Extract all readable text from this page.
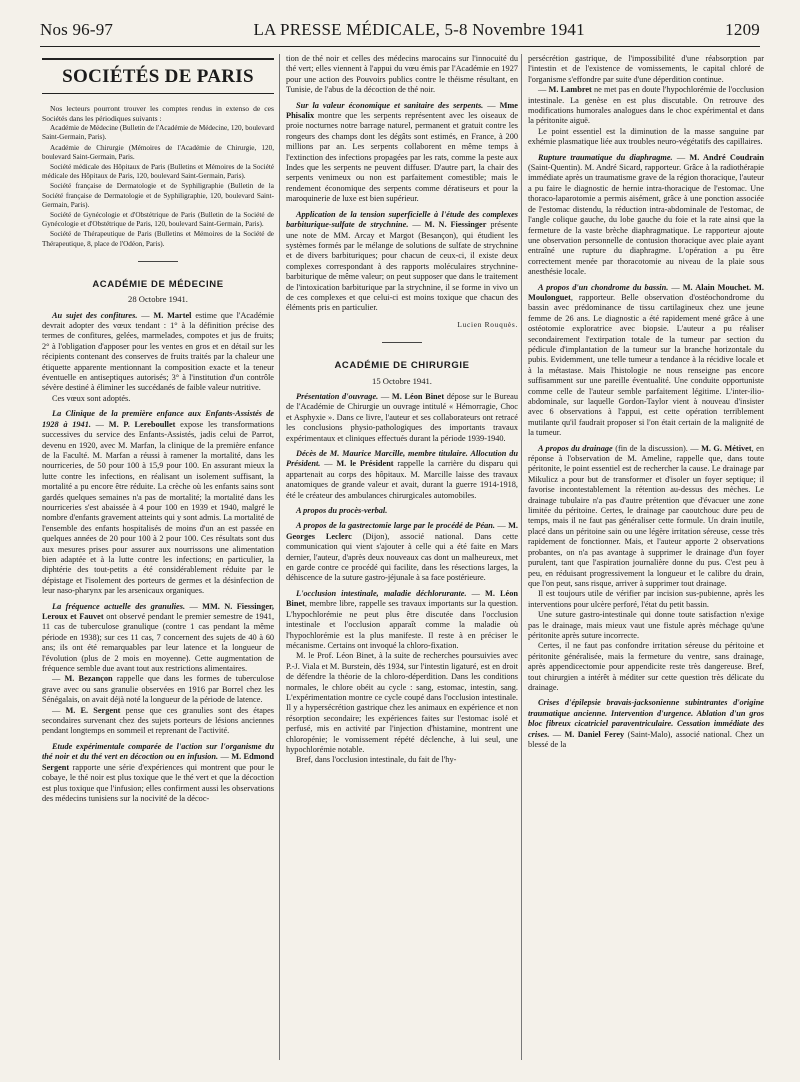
Nos 96-97	LA PRESSE MÉDICALE, 5-8 Novembre 1941	1209
SOCIÉTÉS DE PARIS

Nos lecteurs pourront trouver les comptes rendus in extenso de ces Sociétés dans les périodiques suivants :

Académie de Médecine (Bulletin de l'Académie de Médecine, 120, boulevard Saint-Germain, Paris).

Académie de Chirurgie (Mémoires de l'Académie de Chirurgie, 120, boulevard Saint-Germain, Paris.

Société médicale des Hôpitaux de Paris (Bulletins et Mémoires de la Société médicale des Hôpitaux de Paris, 120, boulevard Saint-Germain, Paris).

Société française de Dermatologie et de Syphiligraphie (Bulletin de la Société française de Dermatologie et de Syphiligraphie, 120, boulevard Saint-Germain, Paris).

Société de Gynécologie et d'Obstétrique de Paris (Bulletin de la Société de Gynécologie et d'Obstétrique de Paris, 120, boulevard Saint-Germain, Paris).

Société de Thérapeutique de Paris (Bulletins et Mémoires de la Société de Thérapeutique, 8, place de l'Odéon, Paris).

ACADÉMIE DE MÉDECINE

28 Octobre 1941.

Au sujet des confitures. — M. Martel estime que l'Académie devrait adopter des vœux tendant : 1° à la définition précise des termes de confitures, gelées, marmelades, compotes et jus de fruits; 2° à l'obligation d'apposer pour les ventes en gros et en détail sur les récipients contenant des conserves de fruits traités par la chaleur une étiquette apparente mentionnant la composition exacte et la teneur éventuelle en antiseptiques autorisés; 3° à l'institution d'un contrôle sévère destiné à éliminer les succédanés de faible valeur nutritive.

Ces vœux sont adoptés.

La Clinique de la première enfance aux Enfants-Assistés de 1928 à 1941. — M. P. Lereboullet expose les transformations successives du service des Enfants-Assistés, jadis celui de Parrot, devenu en 1920, avec M. Marfan, la clinique de la première enfance de la Faculté. M. Marfan a réussi à ramener la mortalité, dans les nourriceries, de 50 pour 100 à 15,9 pour 100. En assurant mieux la lutte contre les infections, en réalisant un isolement suffisant, la mortalité a pu encore être réduite. La crèche où les enfants sains sont gardés quelques semaines n'a pas de mortalité; la mortalité dans les nourriceries s'est abaissée à 4 pour 100 en 1939 et 1940, malgré le nombre d'enfants gravement atteints qui y sont admis. La mortalité de l'ensemble des enfants hospitalisés de moins d'un an est passée en quelques années de 20 pour 100 à 2 pour 100. Ces résultats sont dus aux mesures prises pour assurer aux nourrissons une alimentation bien adaptée et à la lutte contre les infections; en particulier, la diphtérie des tout-petits a été considérablement réduite par le dépistage et l'isolement des porteurs de germes et la désinfection de leur naso-pharynx par les arsenicaux organiques.

La fréquence actuelle des granulies. — MM. N. Fiessinger, Leroux et Fauvet ont observé pendant le premier semestre de 1941, 11 cas de tuberculose granulique (contre 1 cas pendant la même période en 1938); sur ces 11 cas, 7 concernent des sujets de 40 à 60 ans; ils ont été remarquables par leur latence et la longueur de l'évolution (plus de 2 mois en moyenne). Cette augmentation de fréquence semble due avant tout aux restrictions alimentaires.

— M. Bezançon rappelle que dans les formes de tuberculose grave avec ou sans granulie observées en 1916 par Borrel chez les Sénégalais, on avait déjà noté la longueur de la période de latence.

— M. E. Sergent pense que ces granulies sont des étapes secondaires survenant chez des sujets porteurs de lésions anciennes pendant longtemps en sommeil et reprenant de l'activité.

Etude expérimentale comparée de l'action sur l'organisme du thé noir et du thé vert en décoction ou en infusion. — M. Edmond Sergent rapporte une série d'expériences qui montrent que pour le cobaye, le thé noir est plus toxique que le thé vert et que la décoction est plus toxique que l'infusion; elles confirment aussi les observations des médecins tunisiens sur la nocivité de la décoc-

tion de thé noir et celles des médecins marocains sur l'innocuité du thé vert; elles viennent à l'appui du vœu émis par l'Académie en 1927 pour une action des Pouvoirs publics contre le théisme résultant, en Tunisie, de l'abus de la décoction de thé noir.

Sur la valeur économique et sanitaire des serpents. — Mme Phisalix montre que les serpents représentent avec les oiseaux de proie nocturnes notre barrage naturel, permanent et gratuit contre les rongeurs des champs dont les dégâts sont estimés, en France, à 200 millions par an. Les serpents collaborent en même temps à l'extinction des infections propagées par les rats, comme la peste aux Indes que les serpents ne peuvent diffuser. D'autre part, la chair des serpents venimeux ou non est parfaitement comestible; mais le rendement économique des serpents comme dératiseurs et pour la maroquinerie de luxe est bien supérieur.

Application de la tension superficielle à l'étude des complexes barbiturique-sulfate de strychnine. — M. N. Fiessinger présente une note de MM. Arcay et Margot (Besançon), qui étudient les systèmes formés par le mélange de solutions de sulfate de strychnine et de divers barbituriques; pour chacun de ceux-ci, il existe deux complexes correspondant à des rapports moléculaires strychnine-barbiturique de même valeur; on peut supposer que dans le traitement de l'intoxication barbiturique par la strychnine, il se forme in vivo un de ces complexes et que celui-ci est moins toxique que chacun des éléments pris en particulier.

Lucien Rouquès.

ACADÉMIE DE CHIRURGIE

15 Octobre 1941.

Présentation d'ouvrage. — M. Léon Binet dépose sur le Bureau de l'Académie de Chirurgie un ouvrage intitulé « Hémorragie, Choc et Asphyxie ». Dans ce livre, l'auteur et ses collaborateurs ont retracé les conclusions physio-pathologiques des importants travaux expérimentaux et cliniques effectués durant la période 1939-1940.

Décès de M. Maurice Marcille, membre titulaire. Allocution du Président. — M. le Président rappelle la carrière du disparu qui appartenait au corps des hôpitaux. M. Marcille laisse des travaux anatomiques de grande valeur et avait, durant la guerre 1914-1918, été le créateur des ambulances chirurgicales automobiles.

A propos du procès-verbal.

A propos de la gastrectomie large par le procédé de Péan. — M. Georges Leclerc (Dijon), associé national. Dans cette communication qui vient s'ajouter à celle qui a été faite en Mars dernier, l'auteur, d'après deux nouveaux cas dont un malheureux, met en garde contre ce procédé qui facilite, dans les résections larges, la déhiscence de la suture gastro-jéjunale à sa face postérieure.

L'occlusion intestinale, maladie déchlorurante. — M. Léon Binet, membre libre, rappelle ses travaux importants sur la question. L'hypochlorémie ne peut plus être discutée dans l'occlusion intestinale et l'occlusion apparaît comme la maladie où l'hypochlorémie est la plus manifeste. Il reste à en préciser le mécanisme. Certains ont invoqué la chloro-fixation.

M. le Prof. Léon Binet, à la suite de recherches poursuivies avec P.-J. Viala et M. Burstein, dès 1934, sur l'intestin ligaturé, est en droit de défendre la théorie de la chloro-déperdition. Dans les conditions normales, le chlore obéit au cycle : sang, estomac, intestin, sang. L'expérimentation montre ce cycle coupé dans l'occlusion intestinale. Il y a hypersécrétion gastrique chez les animaux en expérience et non résorption secondaire; les expériences faites sur l'estomac isolé et perfusé, mis en activité par l'injection d'histamine, montrent une chloropénie; le vomissement répété déclenche, à lui seul, une hypochlorémie notable.

Bref, dans l'occlusion intestinale, du fait de l'hy-

persécrétion gastrique, de l'impossibilité d'une réabsorption par l'intestin et de l'existence de vomissements, le capital chloré de l'organisme s'effondre par suite d'une déperdition continue.

— M. Lambret ne met pas en doute l'hypochlorémie de l'occlusion intestinale. La genèse en est plus discutable. On retrouve des modifications humorales analogues dans le choc expérimental et dans la péritonite aiguë.

Le point essentiel est la diminution de la masse sanguine par exhémie plasmatique liée aux troubles neuro-végétatifs des capillaires.

Rupture traumatique du diaphragme. — M. André Coudrain (Saint-Quentin). M. André Sicard, rapporteur. Grâce à la radiothérapie immédiate après un traumatisme grave de la région thoracique, l'auteur a pu faire le diagnostic de hernie intra-thoracique de l'estomac. Une thoraco-laparotomie a permis aisément, grâce à une ponction associée de l'estomac distendu, la réduction intra-abdominale de l'estomac, de l'angle colique gauche, du lobe gauche du foie et la rate ainsi que la fermeture de la vaste brèche diaphragmatique. Le rapporteur ajoute une observation personnelle de contusion thoracique avec plaie ayant entraîné une rupture du diaphragme. L'opération a pu être correctement menée par thoracotomie au niveau de la plaie sous anesthésie locale.

A propos d'un chondrome du bassin. — M. Alain Mouchet. M. Moulonguet, rapporteur. Belle observation d'ostéochondrome du bassin avec prédominance de tissu cartilagineux chez une jeune femme de 26 ans. Le diagnostic a été rapidement mené grâce à une ostéotomie exploratrice avec biopsie. L'auteur a pu réaliser secondairement l'extirpation totale de la tumeur par section du pédicule d'implantation de la tumeur sur la branche horizontale du pubis. Evidemment, une telle tumeur a tendance à la récidive locale et à la métastase. Mais l'histologie ne nous renseigne pas encore suffisamment sur une pareille éventualité. Une conduite opportuniste comme celle de l'auteur semble parfaitement légitime. L'inter-ilio-abdominale, sur laquelle Gordon-Taylor vient à nouveau d'insister avec 6 observations à l'appui, est cette opération terriblement mutilante qu'il faudrait proposer si l'on était certain de la malignité de la tumeur.

A propos du drainage (fin de la discussion). — M. G. Métivet, en réponse à l'observation de M. Ameline, rappelle que, dans toute péritonite, le point essentiel est de rechercher la cause. Le drainage par Mikulicz a pour but de transformer et d'isoler un foyer septique; il favorise incontestablement la rétention au-dessus des mèches. Le drainage tubulaire n'a pas d'autre prétention que d'évacuer une zone limitée du péritoine. Certes, le drainage par caoutchouc dure peu de temps, mais il ne faut pas généraliser cette formule. Un drain inutile, placé dans un péritoine sain ou une légère irritation séreuse, cesse très rapidement de fonctionner. Mais, et l'auteur apporte 2 observations probantes, on n'a pas avantage à supprimer le drainage d'un foyer purulent, tant que l'aspiration journalière donne du pus. C'est peu à peu, en réduisant progressivement la longueur et le calibre du drain, que l'on peut, sans risque, arriver à supprimer tout drainage.

Il est toujours utile de vérifier par incision sus-pubienne, après les interventions pour ulcère perforé, l'état du petit bassin.

Une suture gastro-intestinale qui donne toute satisfaction n'exige pas le drainage, mais mieux vaut une fistule après méchage qu'une péritonite après suture incorrecte.

Certes, il ne faut pas confondre irritation séreuse du péritoine et péritonite généralisée, mais la fermeture du ventre, sans drainage, après appendicectomie pour appendicite reste très dangereuse. Bref, tout chirurgien a intérêt à méditer sur cette question très délicate du drainage.

Crises d'épilepsie bravais-jacksonienne subintrantes d'origine traumatique ancienne. Intervention d'urgence. Ablation d'un gros bloc fibreux cicatriciel paraventriculaire. Cessation immédiate des crises. — M. Daniel Ferey (Saint-Malo), associé national. Chez un blessé de la
